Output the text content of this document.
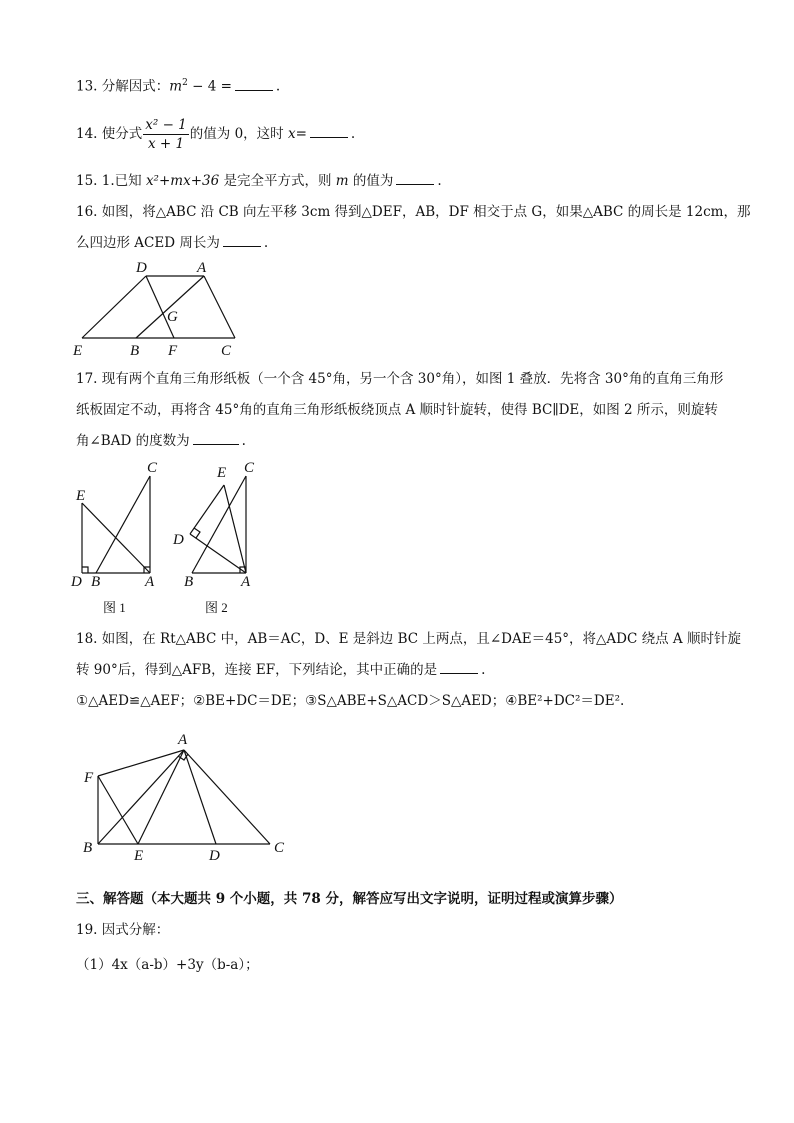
13. 分解因式：$m^2 - 4$ =	.
14. 使分式 $\frac{\text{x² − 1}}{x + 1}$ 的值为 0，这时 x=	.
15. 1.已知 x²+mx+36 是完全平方式，则 m 的值为	.
16. 如图，将△ABC 沿 CB 向左平移 3cm 得到△DEF，AB，DF 相交于点 G，如果△ABC 的周长是 12cm，那
么四边形 ACED 周长为	.
D	A
G
E	B F	C
17. 现有两个直角三角形纸板（一个含 45°角，另一个含 30°角），如图 1 叠放．先将含 30°角的直角三角形
纸板固定不动，再将含 45°角的直角三角形纸板绕顶点 A 顺时针旋转，使得 BC∥DE，如图 2 所示，则旋转
角∠BAD 的度数为	.
C
E
D B	A
图 1
E C
D
B	A
图 2
18. 如图，在 Rt△ABC 中，AB＝AC，D、E 是斜边 BC 上两点，且∠DAE＝45°，将△ADC 绕点 A 顺时针旋
转 90°后，得到△AFB，连接 EF，下列结论，其中正确的是	.
①△AED≌△AEF；②BE+DC＝DE；③S△ABE+S△ACD＞S△AED；④BE²+DC²＝DE².
A
F
B	E	D	C
三、解答题（本大题共 9 个小题，共 78 分，解答应写出文字说明，证明过程或演算步骤）
19. 因式分解：
（1）4x（a-b）+3y（b-a）；
